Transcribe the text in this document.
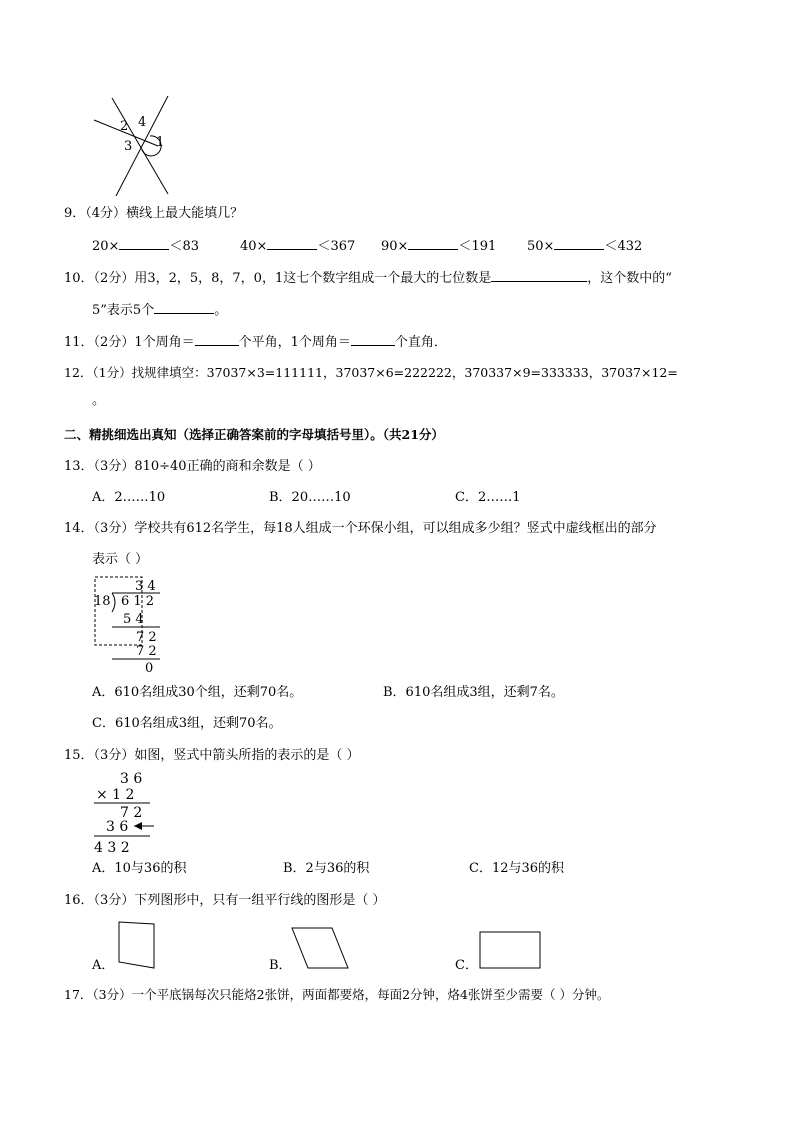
2 4
3 1
9．（4分）横线上最大能填几？
20×	＜83	40×	＜367 90×	＜191 50×	＜432
10．（2分）用3，2，5，8，7，0，1这七个数字组成一个最大的七位数是	，这个数中的“
5”表示5个	。
11．（2分）1个周角＝	个平角，1个周角＝	个直角．
12．（1分）找规律填空：37037×3=111111，37037×6=222222，370337×9=333333，37037×12=
。
二、精挑细选出真知（选择正确答案前的字母填括号里）。（共21分）
13．（3分）810÷40正确的商和余数是（ ）
A．2……10	B．20……10	C．2……1
14．（3分）学校共有612名学生，每18人组成一个环保小组，可以组成多少组？竖式中虚线框出的部分
表示（ ）
3 4
18 6 1 2
5 4
7 2
7 2
0
A．610名组成30个组，还剩70名。	B．610名组成3组，还剩7名。
C．610名组成3组，还剩70名。
15．（3分）如图，竖式中箭头所指的表示的是（ ）
3 6
× 1 2
7 2
3 6
4 3 2
A．10与36的积	B．2与36的积	C．12与36的积
16．（3分）下列图形中，只有一组平行线的图形是（ ）
A．	B．	C．
17．（3分）一个平底锅每次只能烙2张饼，两面都要烙，每面2分钟，烙4张饼至少需要（ ）分钟。
